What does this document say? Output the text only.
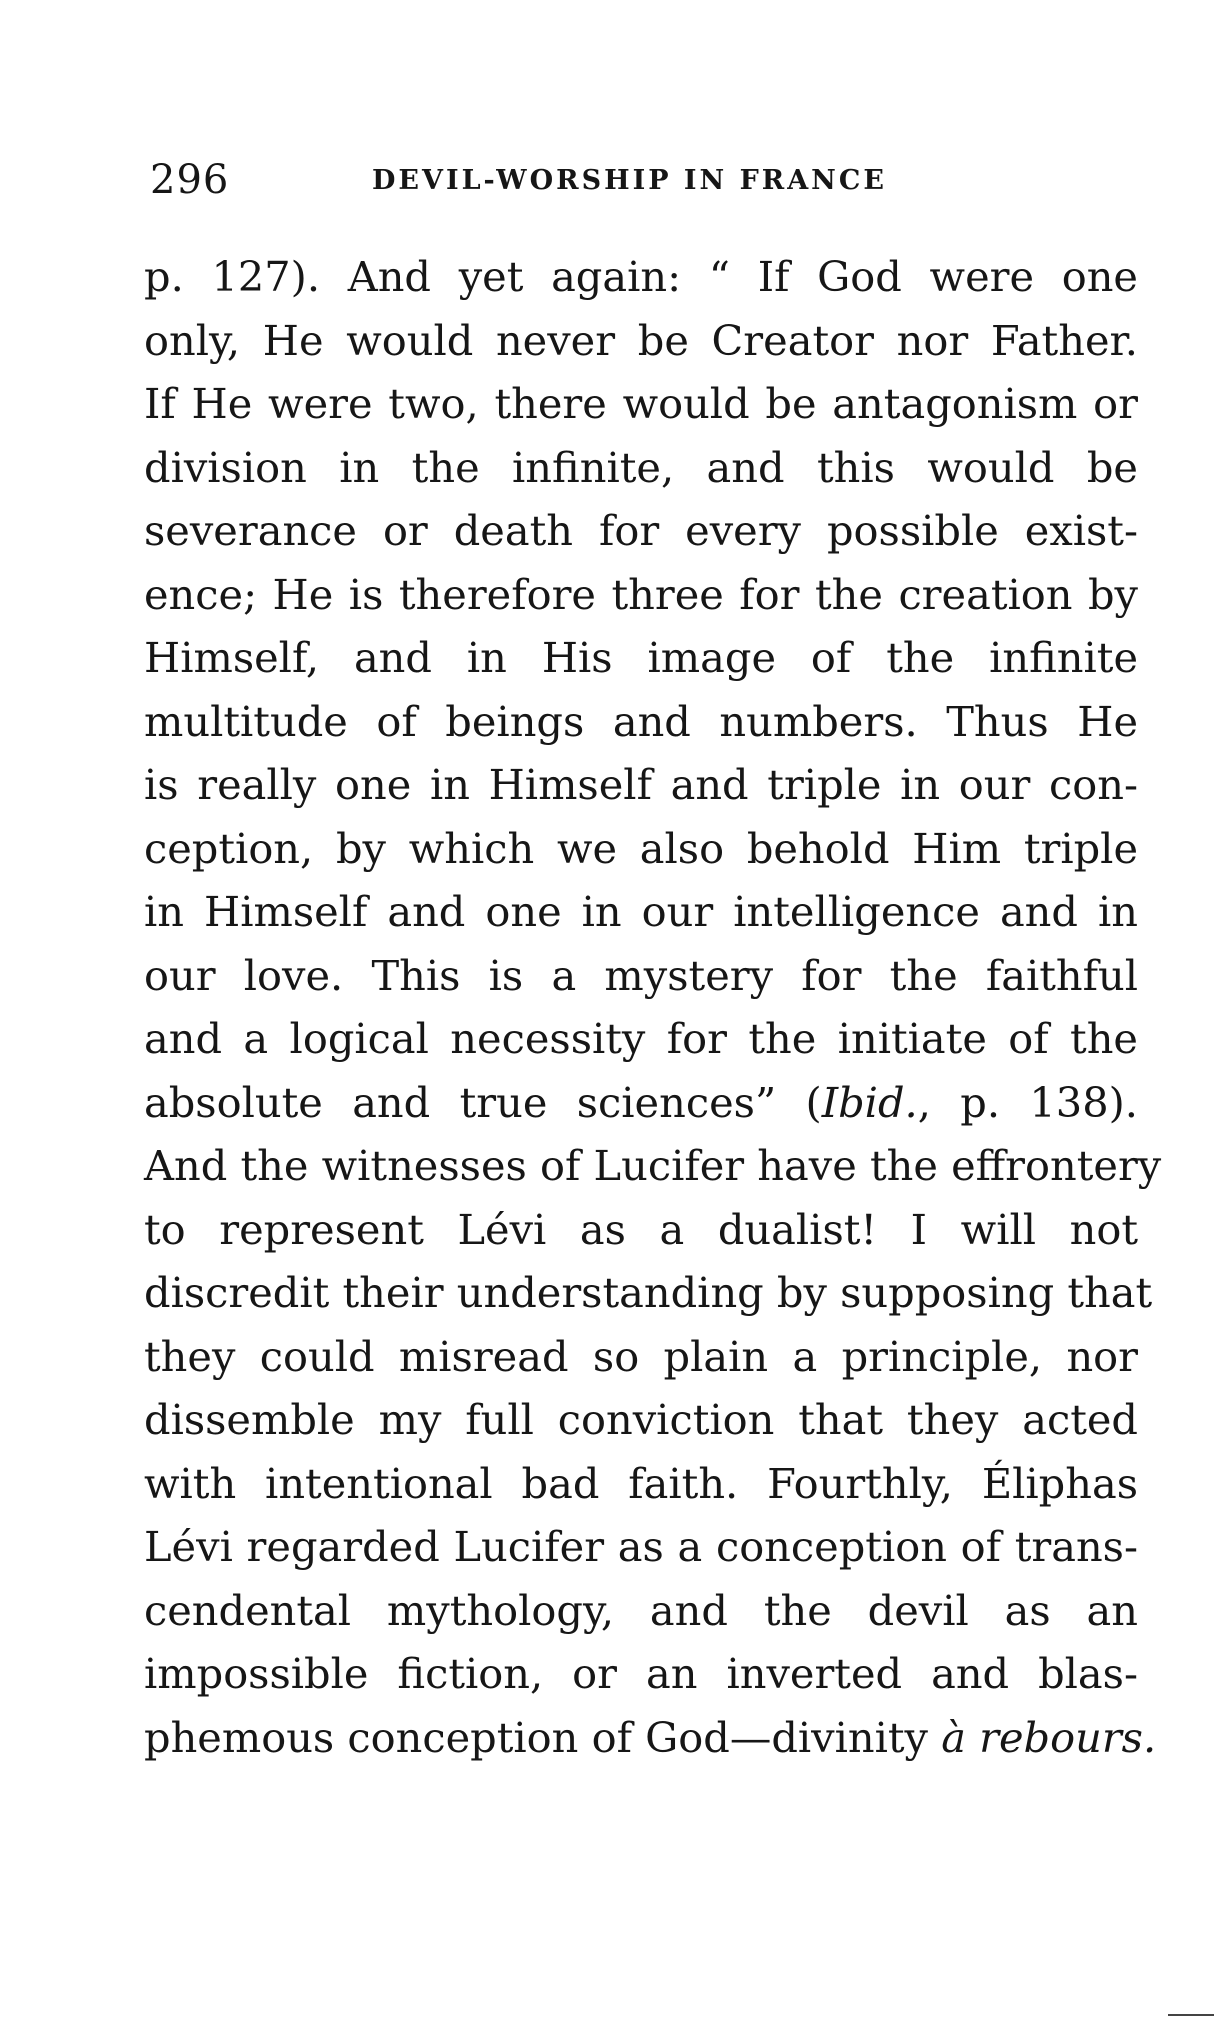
296	DEVIL-WORSHIP IN FRANCE
p. 127). And yet again: “ If God were one
only, He would never be Creator nor Father.
If He were two, there would be antagonism or
division in the infinite, and this would be
severance or death for every possible exist-
ence; He is therefore three for the creation by
Himself, and in His image of the infinite
multitude of beings and numbers. Thus He
is really one in Himself and triple in our con-
ception, by which we also behold Him triple
in Himself and one in our intelligence and in
our love. This is a mystery for the faithful
and a logical necessity for the initiate of the
absolute and true sciences” (Ibid., p. 138).
And the witnesses of Lucifer have the effrontery
to represent Lévi as a dualist! I will not
discredit their understanding by supposing that
they could misread so plain a principle, nor
dissemble my full conviction that they acted
with intentional bad faith. Fourthly, Éliphas
Lévi regarded Lucifer as a conception of trans-
cendental mythology, and the devil as an
impossible fiction, or an inverted and blas-
phemous conception of God—divinity à rebours.
